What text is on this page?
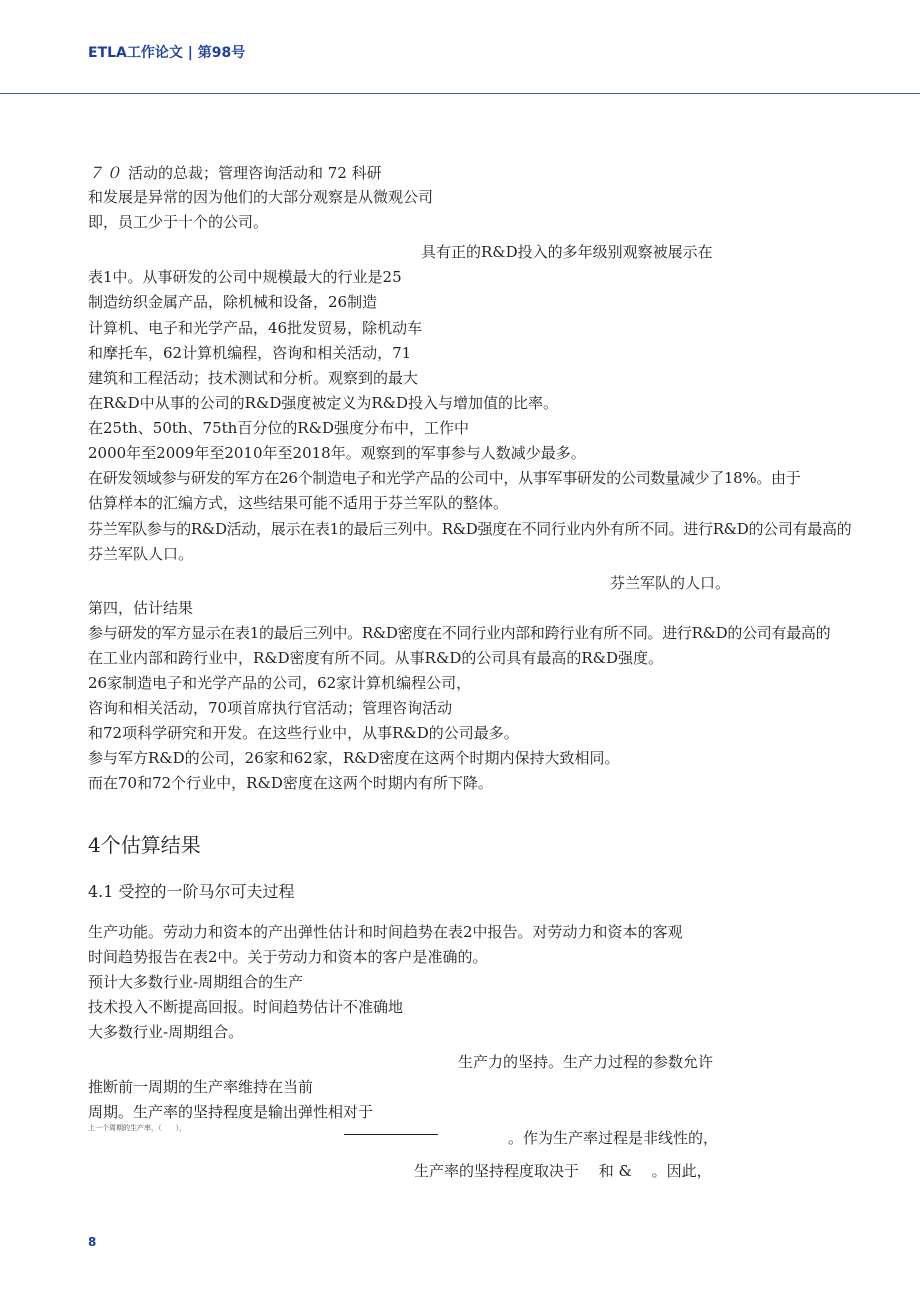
ETLA工作论文 | 第98号
７０ 活动的总裁；管理咨询活动和 72 科研
和发展是异常的因为他们的大部分观察是从微观公司
即，员工少于十个的公司。
具有正的R&D投入的多年级别观察被展示在
表1中。从事研发的公司中规模最大的行业是25
制造纺织金属产品，除机械和设备，26制造
计算机、电子和光学产品，46批发贸易，除机动车
和摩托车，62计算机编程，咨询和相关活动，71
建筑和工程活动；技术测试和分析。观察到的最大
在R&D中从事的公司的R&D强度被定义为R&D投入与增加值的比率。
在25th、50th、75th百分位的R&D强度分布中，工作中
2000年至2009年至2010年至2018年。观察到的军事参与人数减少最多。
在研发领域参与研发的军方在26个制造电子和光学产品的公司中，从事军事研发的公司数量减少了18%。由于
估算样本的汇编方式，这些结果可能不适用于芬兰军队的整体。
芬兰军队参与的R&D活动，展示在表1的最后三列中。R&D强度在不同行业内外有所不同。进行R&D的公司有最高的
芬兰军队人口。
芬兰军队的人口。
第四，估计结果
参与研发的军方显示在表1的最后三列中。R&D密度在不同行业内部和跨行业有所不同。进行R&D的公司有最高的
在工业内部和跨行业中，R&D密度有所不同。从事R&D的公司具有最高的R&D强度。
26家制造电子和光学产品的公司，62家计算机编程公司，
咨询和相关活动，70项首席执行官活动；管理咨询活动
和72项科学研究和开发。在这些行业中，从事R&D的公司最多。
参与军方R&D的公司，26家和62家，R&D密度在这两个时期内保持大致相同。
而在70和72个行业中，R&D密度在这两个时期内有所下降。
4个估算结果
4.1 受控的一阶马尔可夫过程
生产功能。劳动力和资本的产出弹性估计和时间趋势在表2中报告。对劳动力和资本的客观
时间趋势报告在表2中。关于劳动力和资本的客户是准确的。
预计大多数行业-周期组合的生产
技术投入不断提高回报。时间趋势估计不准确地
大多数行业-周期组合。
生产力的坚持。生产力过程的参数允许
推断前一周期的生产率维持在当前
周期。生产率的坚持程度是输出弹性相对于
上一个周期的生产率，（　　），
。作为生产率过程是非线性的，
生产率的坚持程度取决于　 和 &　 。因此，
8
